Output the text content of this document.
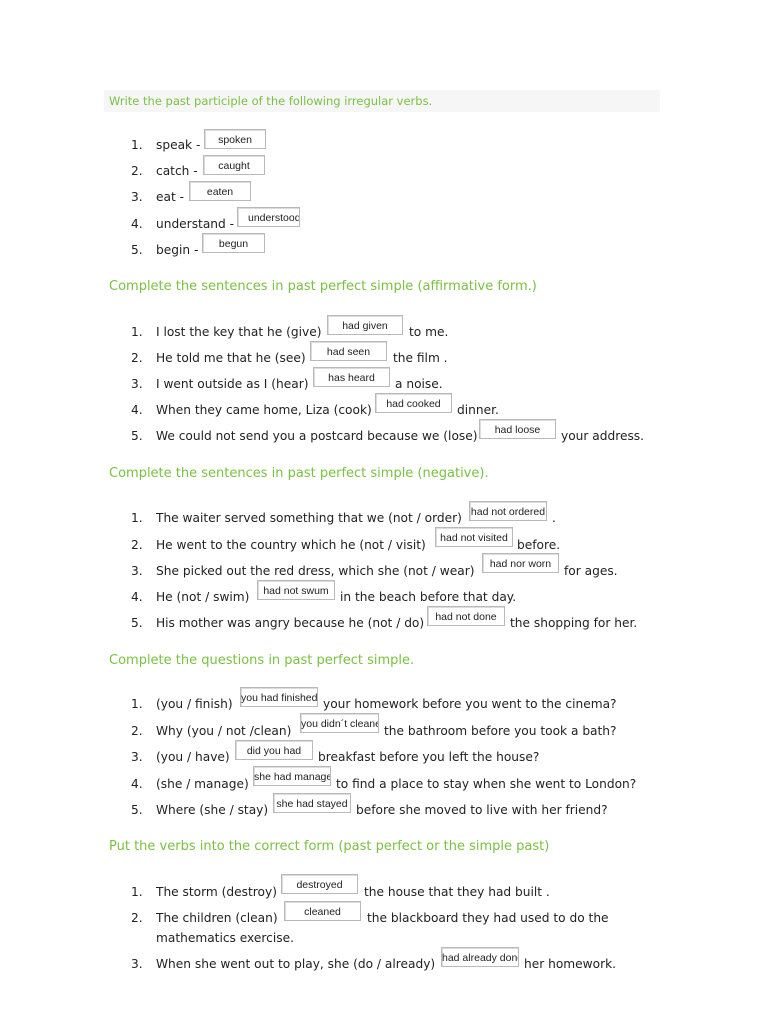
Write the past participle of the following irregular verbs.
1. speak -
spoken
2. catch -
caught
3. eat -
eaten
4. understand -
understood
5. begin -
begun
Complete the sentences in past perfect simple (affirmative form.)
1. I lost the key that he (give)
had given	to me.
2. He told me that he (see)
had seen	the film .
3. I went outside as I (hear)
has heard	a noise.
4. When they came home, Liza (cook)
had cooked	dinner.
5. We could not send you a postcard because we (lose)
had loose	your address.
Complete the sentences in past perfect simple (negative).
1. The waiter served something that we (not / order)
had not ordered	.
2. He went to the country which he (not / visit)
had not visited	before.
3. She picked out the red dress, which she (not / wear)
had nor worn	for ages.
4. He (not / swim)
had not swum	in the beach before that day.
5. His mother was angry because he (not / do)
had not done	the shopping for her.
Complete the questions in past perfect simple.
1. (you / finish)
you had finished	your homework before you went to the cinema?
2. Why (you / not /clean)
you didn´t cleaned	the bathroom before you took a bath?
3. (you / have)
did you had	breakfast before you left the house?
4. (she / manage)
she had managed	to find a place to stay when she went to London?
5. Where (she / stay)
she had stayed	before she moved to live with her friend?
Put the verbs into the correct form (past perfect or the simple past)
1. The storm (destroy)
destroyed	the house that they had built .
2. The children (clean)
cleaned	the blackboard they had used to do the
mathematics exercise.
3. When she went out to play, she (do / already)
had already done	her homework.
